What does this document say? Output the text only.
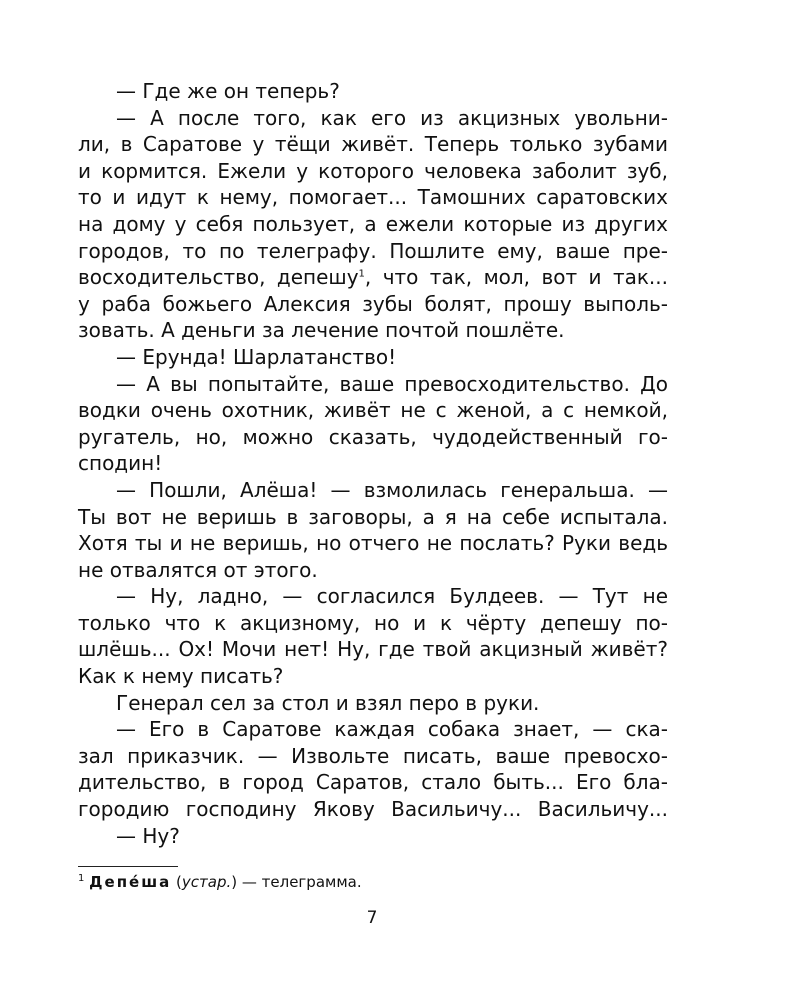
— Где же он теперь?
— А после того, как его из акцизных увольни-
ли, в Саратове у тёщи живёт. Теперь только зубами
и кормится. Ежели у которого человека заболит зуб,
то и идут к нему, помогает... Тамошних саратовских
на дому у себя пользует, а ежели которые из других
городов, то по телеграфу. Пошлите ему, ваше пре-
восходительство, депешу$^1$, что так, мол, вот и так...
у раба божьего Алексия зубы болят, прошу выполь-
зовать. А деньги за лечение почтой пошлёте.
— Ерунда! Шарлатанство!
— А вы попытайте, ваше превосходительство. До
водки очень охотник, живёт не с женой, а с немкой,
ругатель, но, можно сказать, чудодейственный го-
сподин!
— Пошли, Алёша! — взмолилась генеральша. —
Ты вот не веришь в заговоры, а я на себе испытала.
Хотя ты и не веришь, но отчего не послать? Руки ведь
не отвалятся от этого.
— Ну, ладно, — согласился Булдеев. — Тут не
только что к акцизному, но и к чёрту депешу по-
шлёшь... Ох! Мочи нет! Ну, где твой акцизный живёт?
Как к нему писать?
Генерал сел за стол и взял перо в руки.
— Его в Саратове каждая собака знает, — ска-
зал приказчик. — Извольте писать, ваше превосхо-
дительство, в город Саратов, стало быть... Его бла-
городию господину Якову Васильичу... Васильичу...
— Ну?
$^1$ Депéша (устар.) — телеграмма.
7
